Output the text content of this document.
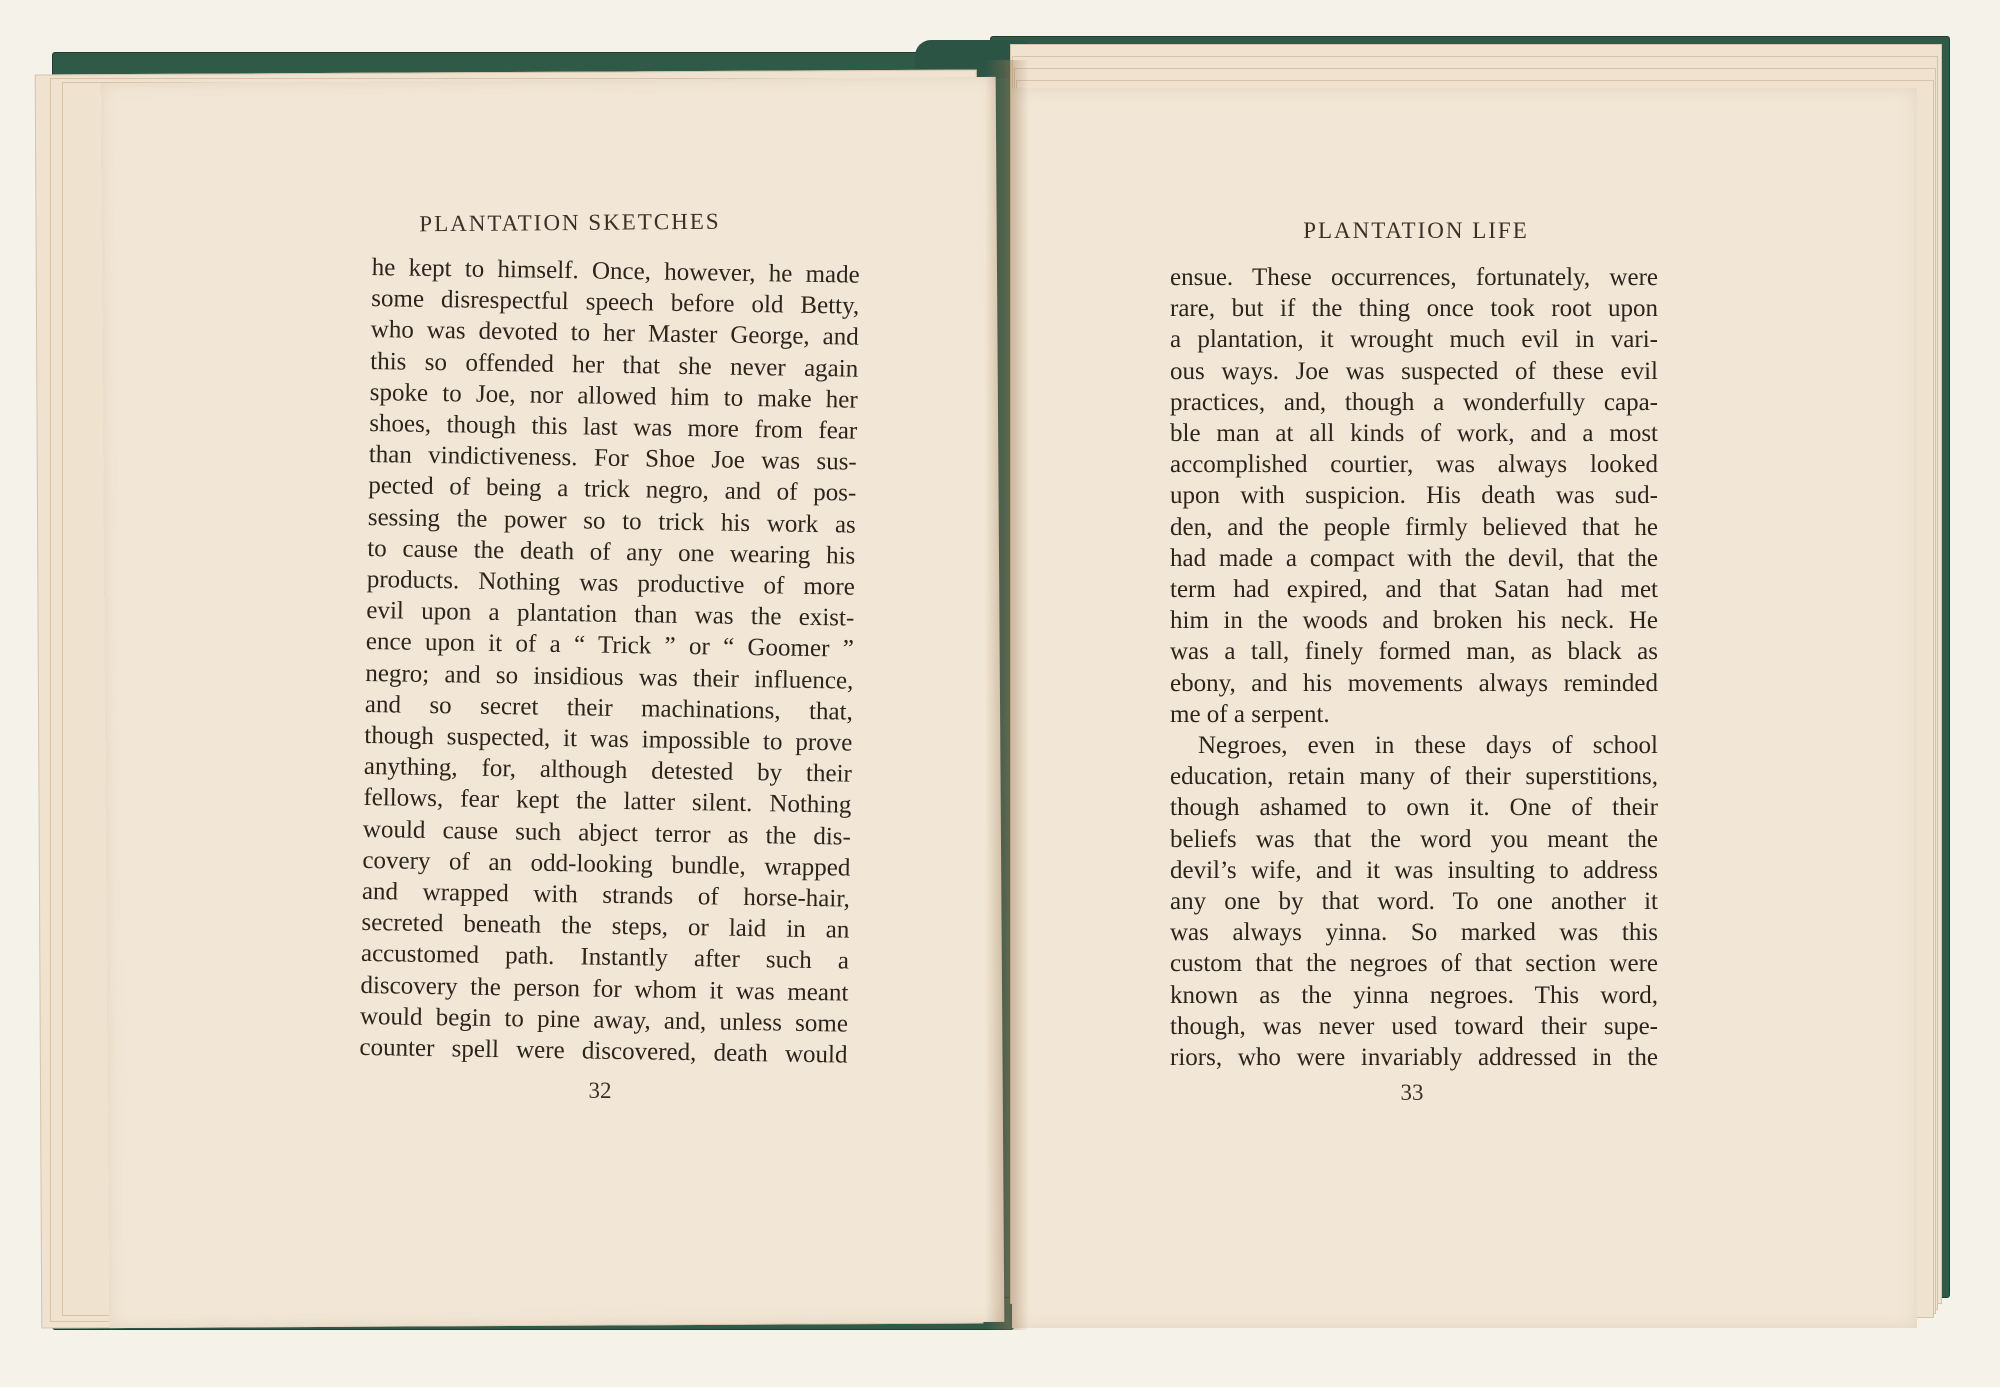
PLANTATION SKETCHES
he kept to himself. Once, however, he made
some disrespectful speech before old Betty,
who was devoted to her Master George, and
this so offended her that she never again
spoke to Joe, nor allowed him to make her
shoes, though this last was more from fear
than vindictiveness. For Shoe Joe was sus-
pected of being a trick negro, and of pos-
sessing the power so to trick his work as
to cause the death of any one wearing his
products. Nothing was productive of more
evil upon a plantation than was the exist-
ence upon it of a “ Trick ” or “ Goomer ”
negro; and so insidious was their influence,
and so secret their machinations, that,
though suspected, it was impossible to prove
anything, for, although detested by their
fellows, fear kept the latter silent. Nothing
would cause such abject terror as the dis-
covery of an odd-looking bundle, wrapped
and wrapped with strands of horse-hair,
secreted beneath the steps, or laid in an
accustomed path. Instantly after such a
discovery the person for whom it was meant
would begin to pine away, and, unless some
counter spell were discovered, death would
32
PLANTATION LIFE
ensue. These occurrences, fortunately, were
rare, but if the thing once took root upon
a plantation, it wrought much evil in vari-
ous ways. Joe was suspected of these evil
practices, and, though a wonderfully capa-
ble man at all kinds of work, and a most
accomplished courtier, was always looked
upon with suspicion. His death was sud-
den, and the people firmly believed that he
had made a compact with the devil, that the
term had expired, and that Satan had met
him in the woods and broken his neck. He
was a tall, finely formed man, as black as
ebony, and his movements always reminded
me of a serpent.
Negroes, even in these days of school
education, retain many of their superstitions,
though ashamed to own it. One of their
beliefs was that the word you meant the
devil’s wife, and it was insulting to address
any one by that word. To one another it
was always yinna. So marked was this
custom that the negroes of that section were
known as the yinna negroes. This word,
though, was never used toward their supe-
riors, who were invariably addressed in the
33
